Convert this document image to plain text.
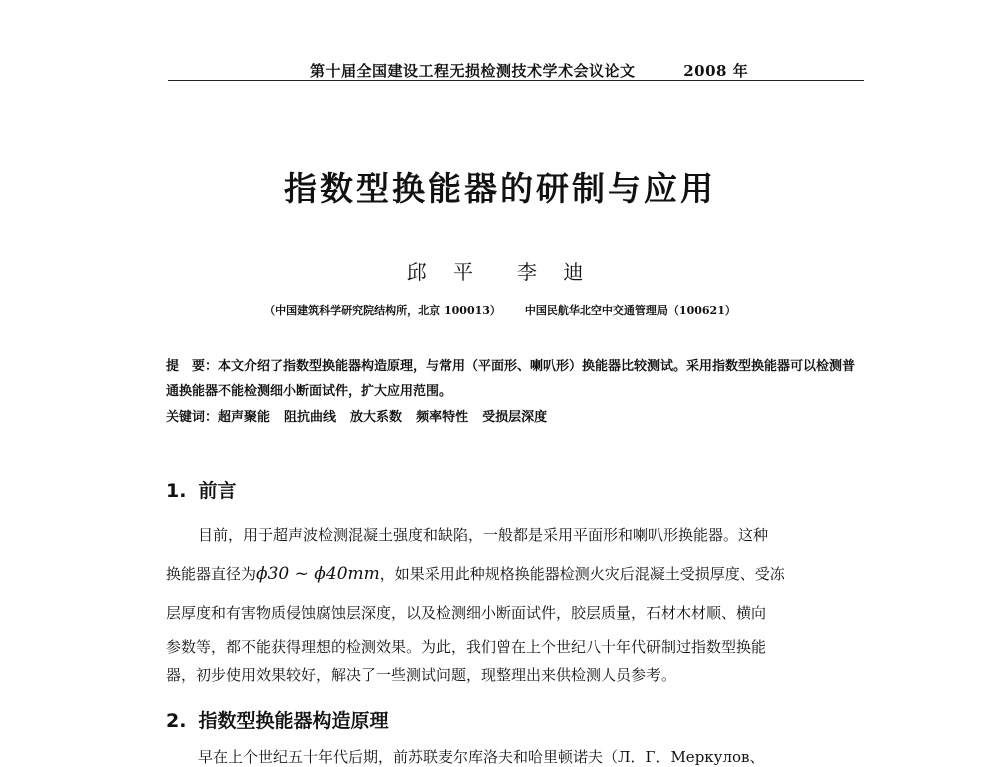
第十届全国建设工程无损检测技术学术会议论文	2008 年
指数型换能器的研制与应用
邱 平 李 迪
（中国建筑科学研究院结构所，北京 100013） 中国民航华北空中交通管理局（100621）
提　要：本文介绍了指数型换能器构造原理，与常用（平面形、喇叭形）换能器比较测试。采用指数型换能器可以检测普通换能器不能检测细小断面试件，扩大应用范围。
关键词：超声聚能 阻抗曲线 放大系数 频率特性 受损层深度
1. 前言
目前，用于超声波检测混凝土强度和缺陷，一般都是采用平面形和喇叭形换能器。这种
换能器直径为ϕ30 ~ ϕ40mm，如果采用此种规格换能器检测火灾后混凝土受损厚度、受冻
层厚度和有害物质侵蚀腐蚀层深度，以及检测细小断面试件，胶层质量，石材木材顺、横向
参数等，都不能获得理想的检测效果。为此，我们曾在上个世纪八十年代研制过指数型换能
器，初步使用效果较好，解决了一些测试问题，现整理出来供检测人员参考。
2. 指数型换能器构造原理
早在上个世纪五十年代后期，前苏联麦尔库洛夫和哈里顿诺夫（Л．Г．Меркулов、
